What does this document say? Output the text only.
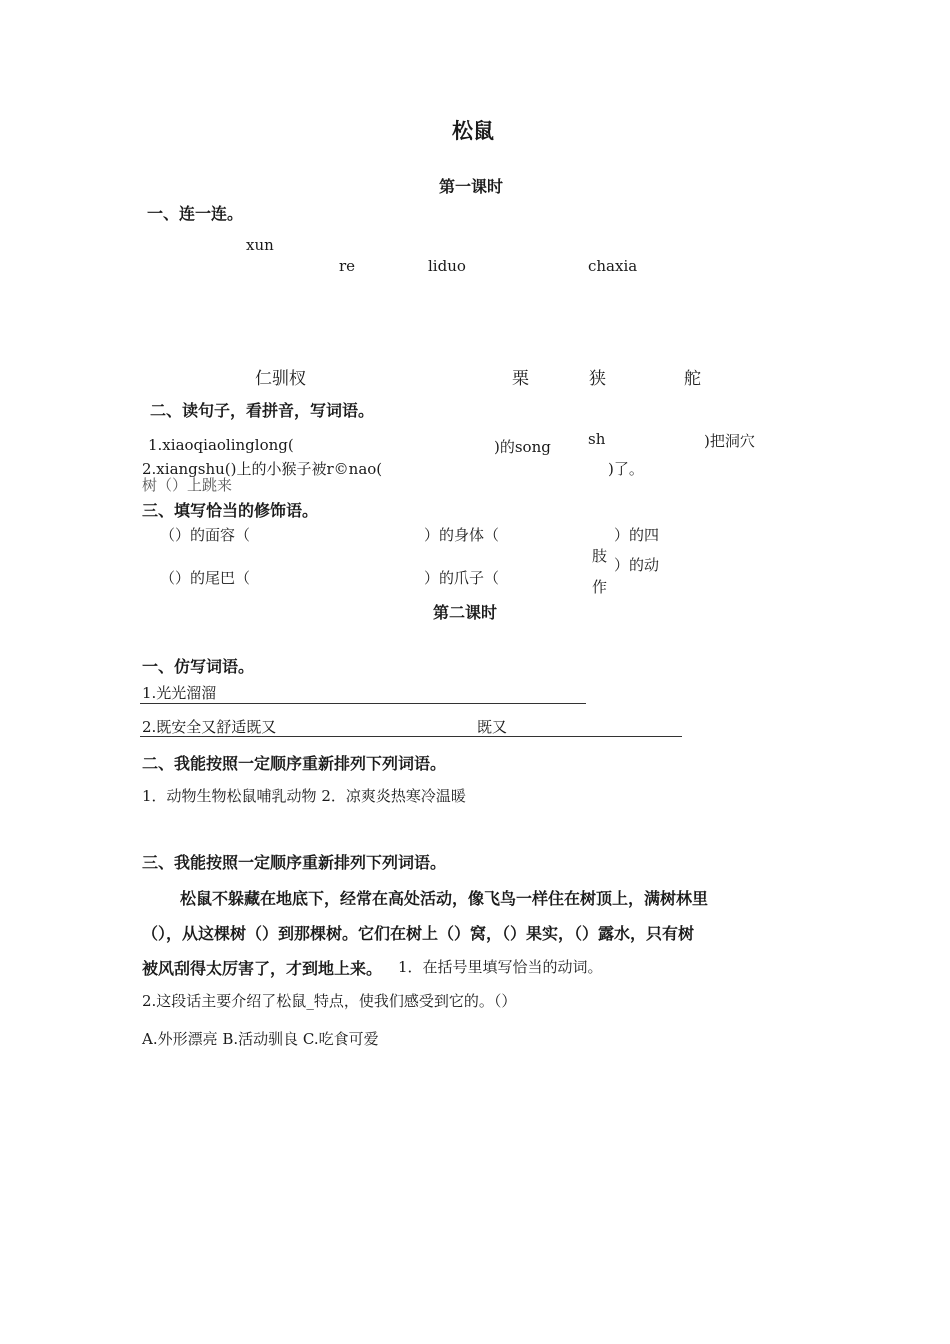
松鼠
第一课时
一、连一连。
xun
re	liduo	chaxia
仁驯杈	栗	狭	舵
二、读句子，看拼音，写词语。
1.xiaoqiaolinglong(	)的song sh	)把洞穴
树（）上跳来
2.xiangshu()上的小猴子被r©nao(	)了。
三、填写恰当的修饰语。
（）的面容（	）的身体（	）的四
肢
（）的尾巴（	）的爪子（
）的动
作
第二课时
一、仿写词语。
1.光光溜溜
2.既安全又舒适既又	既又
二、我能按照一定顺序重新排列下列词语。
1．动物生物松鼠哺乳动物 2．凉爽炎热寒冷温暖
三、我能按照一定顺序重新排列下列词语。
松鼠不躲藏在地底下，经常在高处活动，像飞鸟一样住在树顶上，满树林里
（），从这棵树（）到那棵树。它们在树上（）窝，（）果实，（）露水，只有树
被风刮得太厉害了，才到地上来。 1．在括号里填写恰当的动词。
2.这段话主要介绍了松鼠_特点，使我们感受到它的。（）
A.外形漂亮 B.活动驯良 C.吃食可爱
